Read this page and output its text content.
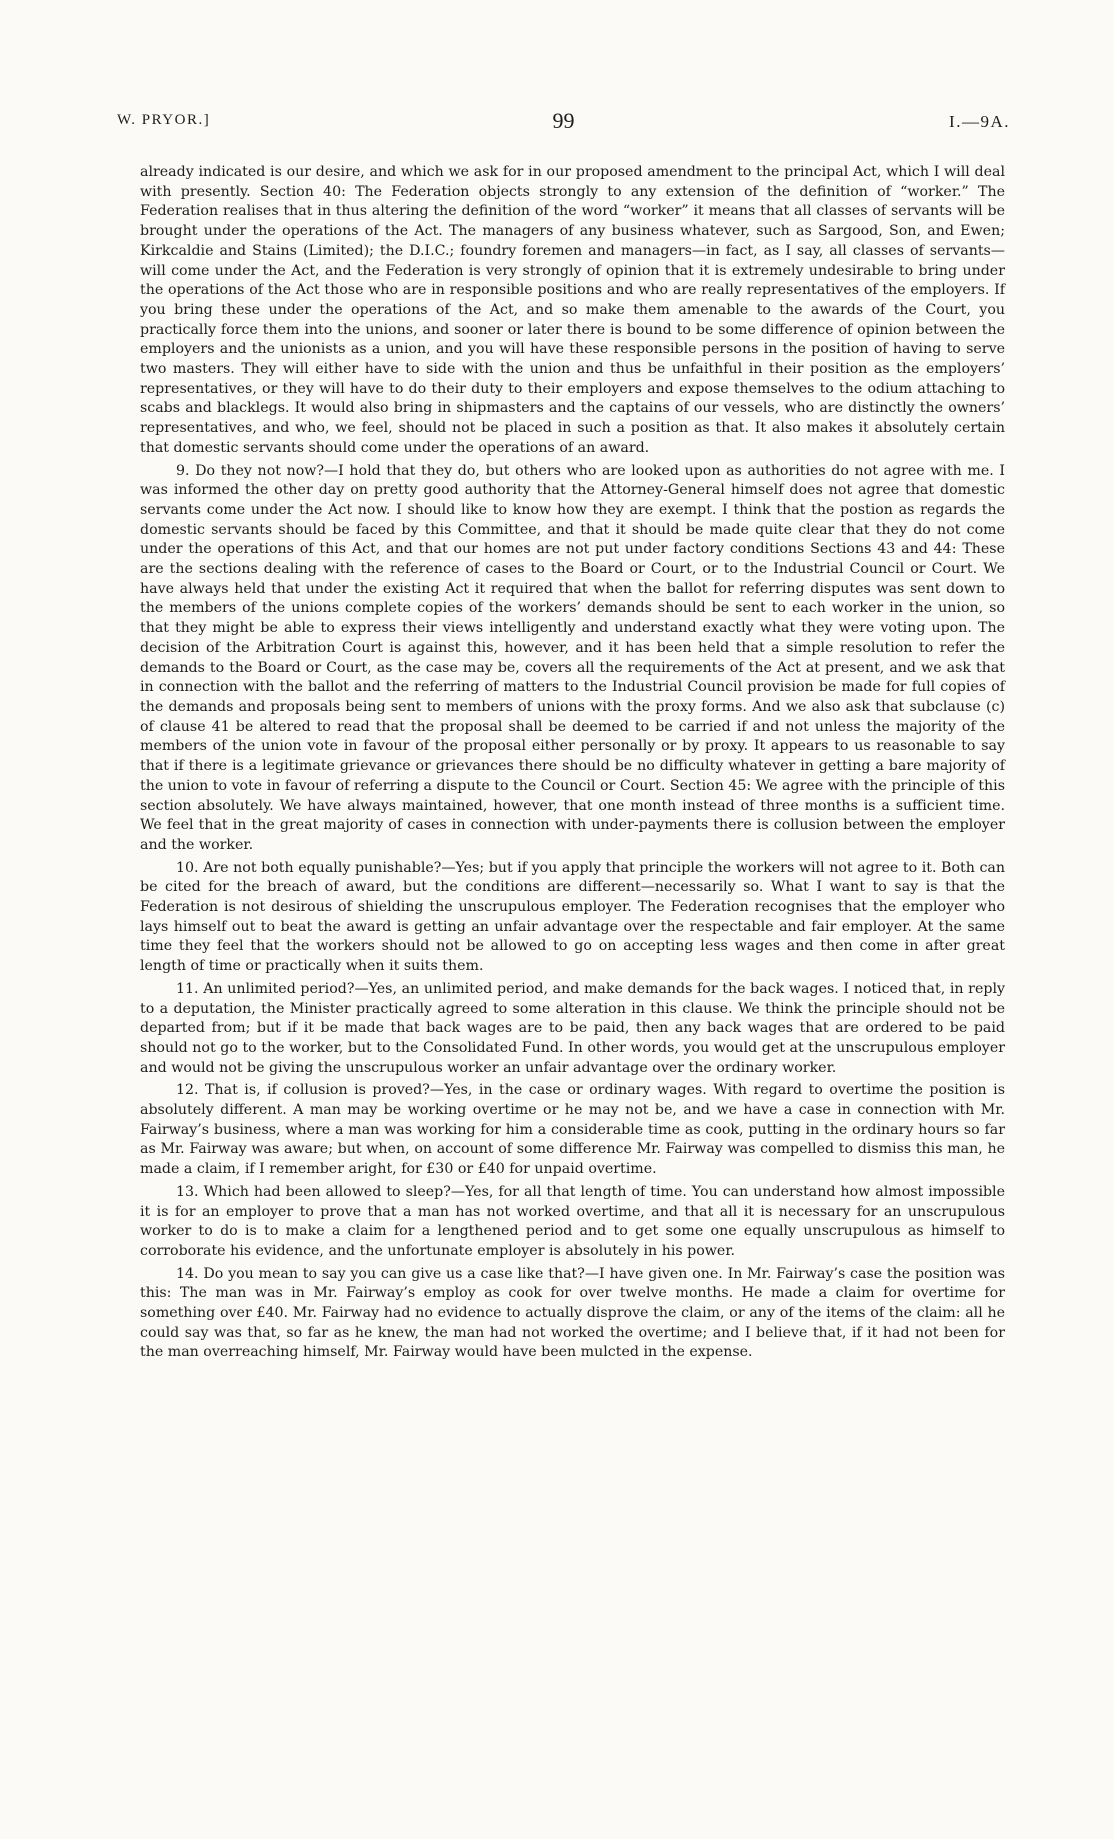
W. PRYOR.]	99	I.—9A.

already indicated is our desire, and which we ask for in our proposed amendment to the principal Act, which I will deal with presently. Section 40: The Federation objects strongly to any extension of the definition of “worker.” The Federation realises that in thus altering the definition of the word “worker” it means that all classes of servants will be brought under the operations of the Act. The managers of any business whatever, such as Sargood, Son, and Ewen; Kirkcaldie and Stains (Limited); the D.I.C.; foundry foremen and managers—in fact, as I say, all classes of servants—will come under the Act, and the Federation is very strongly of opinion that it is extremely undesirable to bring under the operations of the Act those who are in responsible positions and who are really representatives of the employers. If you bring these under the operations of the Act, and so make them amenable to the awards of the Court, you practically force them into the unions, and sooner or later there is bound to be some difference of opinion between the employers and the unionists as a union, and you will have these responsible persons in the position of having to serve two masters. They will either have to side with the union and thus be unfaithful in their position as the employers’ representatives, or they will have to do their duty to their employers and expose themselves to the odium attaching to scabs and blacklegs. It would also bring in shipmasters and the captains of our vessels, who are distinctly the owners’ representatives, and who, we feel, should not be placed in such a position as that. It also makes it absolutely certain that domestic servants should come under the operations of an award.

9. Do they not now?—I hold that they do, but others who are looked upon as authorities do not agree with me. I was informed the other day on pretty good authority that the Attorney-General himself does not agree that domestic servants come under the Act now. I should like to know how they are exempt. I think that the postion as regards the domestic servants should be faced by this Committee, and that it should be made quite clear that they do not come under the operations of this Act, and that our homes are not put under factory conditions Sections 43 and 44: These are the sections dealing with the reference of cases to the Board or Court, or to the Industrial Council or Court. We have always held that under the existing Act it required that when the ballot for referring disputes was sent down to the members of the unions complete copies of the workers’ demands should be sent to each worker in the union, so that they might be able to express their views intelligently and understand exactly what they were voting upon. The decision of the Arbitration Court is against this, however, and it has been held that a simple resolution to refer the demands to the Board or Court, as the case may be, covers all the requirements of the Act at present, and we ask that in connection with the ballot and the referring of matters to the Industrial Council provision be made for full copies of the demands and proposals being sent to members of unions with the proxy forms. And we also ask that subclause (c) of clause 41 be altered to read that the proposal shall be deemed to be carried if and not unless the majority of the members of the union vote in favour of the proposal either personally or by proxy. It appears to us reasonable to say that if there is a legitimate grievance or grievances there should be no difficulty whatever in getting a bare majority of the union to vote in favour of referring a dispute to the Council or Court. Section 45: We agree with the principle of this section absolutely. We have always maintained, however, that one month instead of three months is a sufficient time. We feel that in the great majority of cases in connection with under-payments there is collusion between the employer and the worker.

10. Are not both equally punishable?—Yes; but if you apply that principle the workers will not agree to it. Both can be cited for the breach of award, but the conditions are different—necessarily so. What I want to say is that the Federation is not desirous of shielding the unscrupulous employer. The Federation recognises that the employer who lays himself out to beat the award is getting an unfair advantage over the respectable and fair employer. At the same time they feel that the workers should not be allowed to go on accepting less wages and then come in after great length of time or practically when it suits them.

11. An unlimited period?—Yes, an unlimited period, and make demands for the back wages. I noticed that, in reply to a deputation, the Minister practically agreed to some alteration in this clause. We think the principle should not be departed from; but if it be made that back wages are to be paid, then any back wages that are ordered to be paid should not go to the worker, but to the Consolidated Fund. In other words, you would get at the unscrupulous employer and would not be giving the unscrupulous worker an unfair advantage over the ordinary worker.

12. That is, if collusion is proved?—Yes, in the case or ordinary wages. With regard to overtime the position is absolutely different. A man may be working overtime or he may not be, and we have a case in connection with Mr. Fairway’s business, where a man was working for him a considerable time as cook, putting in the ordinary hours so far as Mr. Fairway was aware; but when, on account of some difference Mr. Fairway was compelled to dismiss this man, he made a claim, if I remember aright, for £30 or £40 for unpaid overtime.

13. Which had been allowed to sleep?—Yes, for all that length of time. You can understand how almost impossible it is for an employer to prove that a man has not worked overtime, and that all it is necessary for an unscrupulous worker to do is to make a claim for a lengthened period and to get some one equally unscrupulous as himself to corroborate his evidence, and the unfortunate employer is absolutely in his power.

14. Do you mean to say you can give us a case like that?—I have given one. In Mr. Fairway’s case the position was this: The man was in Mr. Fairway’s employ as cook for over twelve months. He made a claim for overtime for something over £40. Mr. Fairway had no evidence to actually disprove the claim, or any of the items of the claim: all he could say was that, so far as he knew, the man had not worked the overtime; and I believe that, if it had not been for the man overreaching himself, Mr. Fairway would have been mulcted in the expense.
